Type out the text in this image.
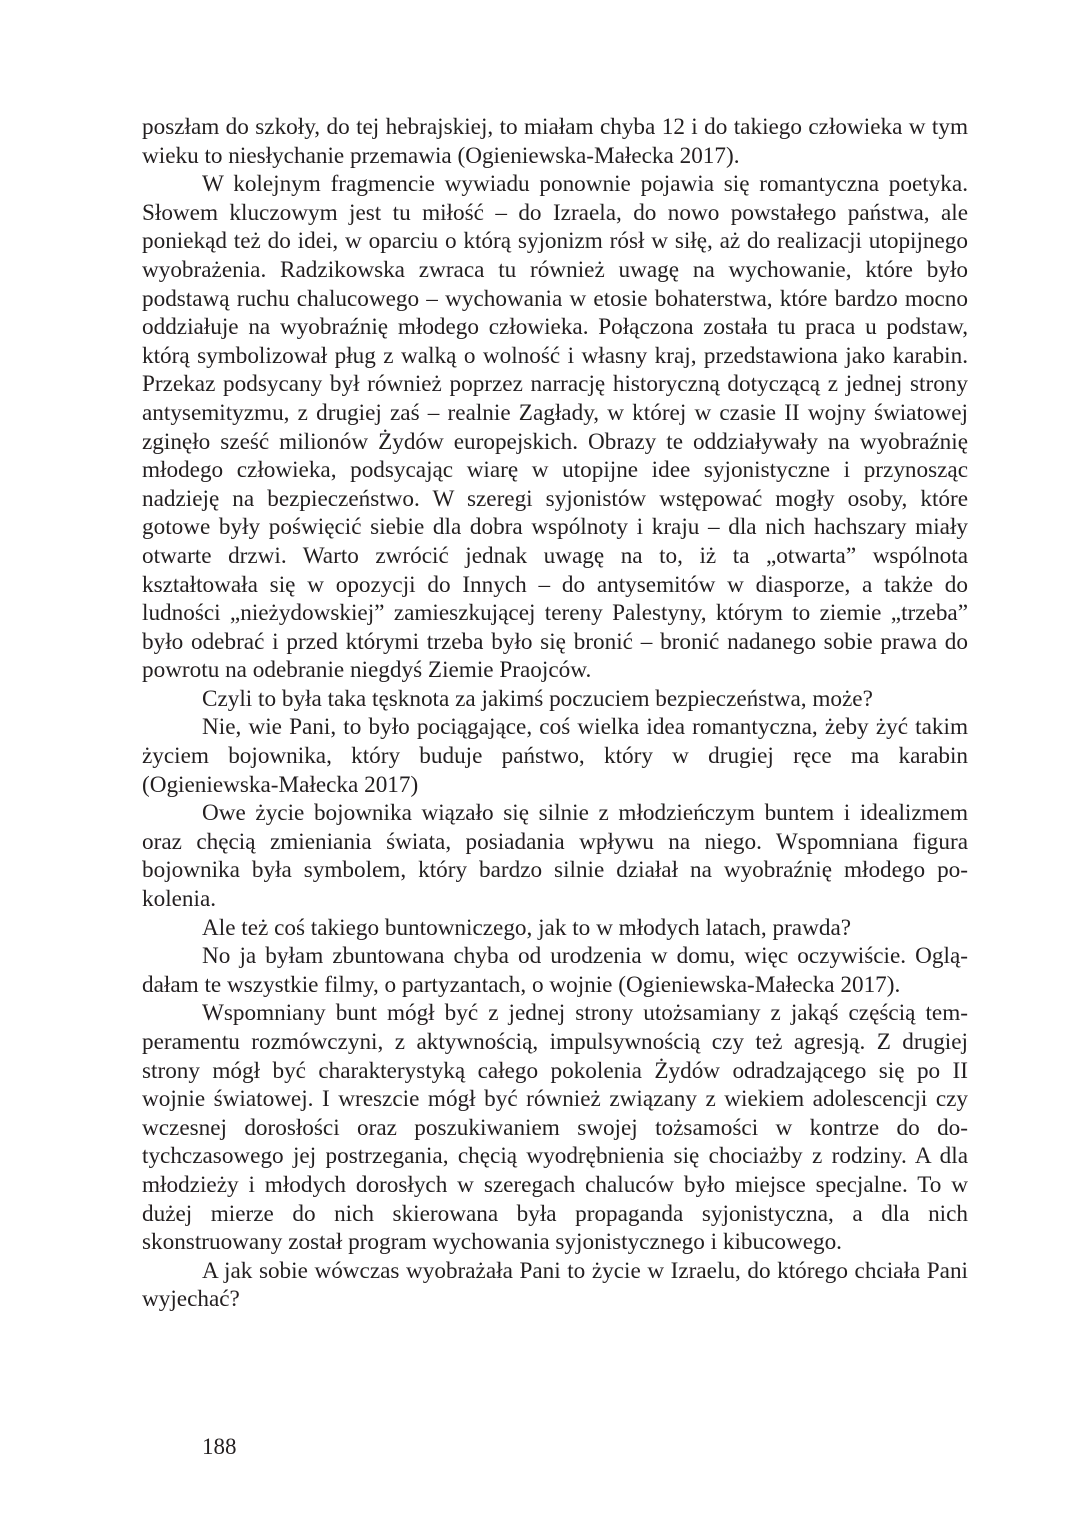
poszłam do szkoły, do tej hebrajskiej, to miałam chyba 12 i do takiego człowieka w tym wieku to niesłychanie przemawia (Ogieniewska-Małecka 2017).

W kolejnym fragmencie wywiadu ponownie pojawia się romantyczna poetyka. Słowem kluczowym jest tu miłość – do Izraela, do nowo powstałego państwa, ale poniekąd też do idei, w oparciu o którą syjonizm rósł w siłę, aż do realizacji utopijnego wyobrażenia. Radzikowska zwraca tu również uwagę na wychowanie, które było podstawą ruchu chalucowego – wychowania w etosie bohaterstwa, które bardzo mocno oddziałuje na wyobraźnię młodego człowieka. Połączona została tu praca u podstaw, którą symbolizował pług z walką o wolność i własny kraj, przedstawiona jako karabin. Przekaz podsycany był również poprzez narrację historyczną dotyczącą z jednej strony antysemityzmu, z drugiej zaś – realnie Zagłady, w której w czasie II wojny światowej zginęło sześć milionów Żydów europejskich. Obrazy te oddziaływały na wyobraźnię młodego człowieka, podsycając wiarę w utopijne idee syjonistyczne i przynosząc nadzieję na bezpieczeństwo. W szeregi syjonistów wstępować mogły osoby, które gotowe były poświęcić siebie dla dobra wspólnoty i kraju – dla nich hachszary miały otwarte drzwi. Warto zwrócić jednak uwagę na to, iż ta „otwarta” wspólnota kształtowała się w opozycji do Innych – do antysemitów w diasporze, a także do ludności „nieżydowskiej” zamieszkującej tereny Palestyny, którym to ziemie „trzeba” było odebrać i przed którymi trzeba było się bronić – bronić nadanego sobie prawa do powrotu na odebranie niegdyś Ziemie Praojców.

Czyli to była taka tęsknota za jakimś poczuciem bezpieczeństwa, może?

Nie, wie Pani, to było pociągające, coś wielka idea romantyczna, żeby żyć takim życiem bojownika, który buduje państwo, który w drugiej ręce ma karabin (Ogieniewska-Małecka 2017)

Owe życie bojownika wiązało się silnie z młodzieńczym buntem i idealizmem oraz chęcią zmieniania świata, posiadania wpływu na niego. Wspomniana figura bojownika była symbolem, który bardzo silnie działał na wyobraźnię młodego pokolenia.

Ale też coś takiego buntowniczego, jak to w młodych latach, prawda?

No ja byłam zbuntowana chyba od urodzenia w domu, więc oczywiście. Oglądałam te wszystkie filmy, o partyzantach, o wojnie (Ogieniewska-Małecka 2017).

Wspomniany bunt mógł być z jednej strony utożsamiany z jakąś częścią temperamentu rozmówczyni, z aktywnością, impulsywnością czy też agresją. Z drugiej strony mógł być charakterystyką całego pokolenia Żydów odradzającego się po II wojnie światowej. I wreszcie mógł być również związany z wiekiem adolescencji czy wczesnej dorosłości oraz poszukiwaniem swojej tożsamości w kontrze do dotychczasowego jej postrzegania, chęcią wyodrębnienia się chociażby z rodziny. A dla młodzieży i młodych dorosłych w szeregach chaluców było miejsce specjalne. To w dużej mierze do nich skierowana była propaganda syjonistyczna, a dla nich skonstruowany został program wychowania syjonistycznego i kibucowego.

A jak sobie wówczas wyobrażała Pani to życie w Izraelu, do którego chciała Pani wyjechać?

188
